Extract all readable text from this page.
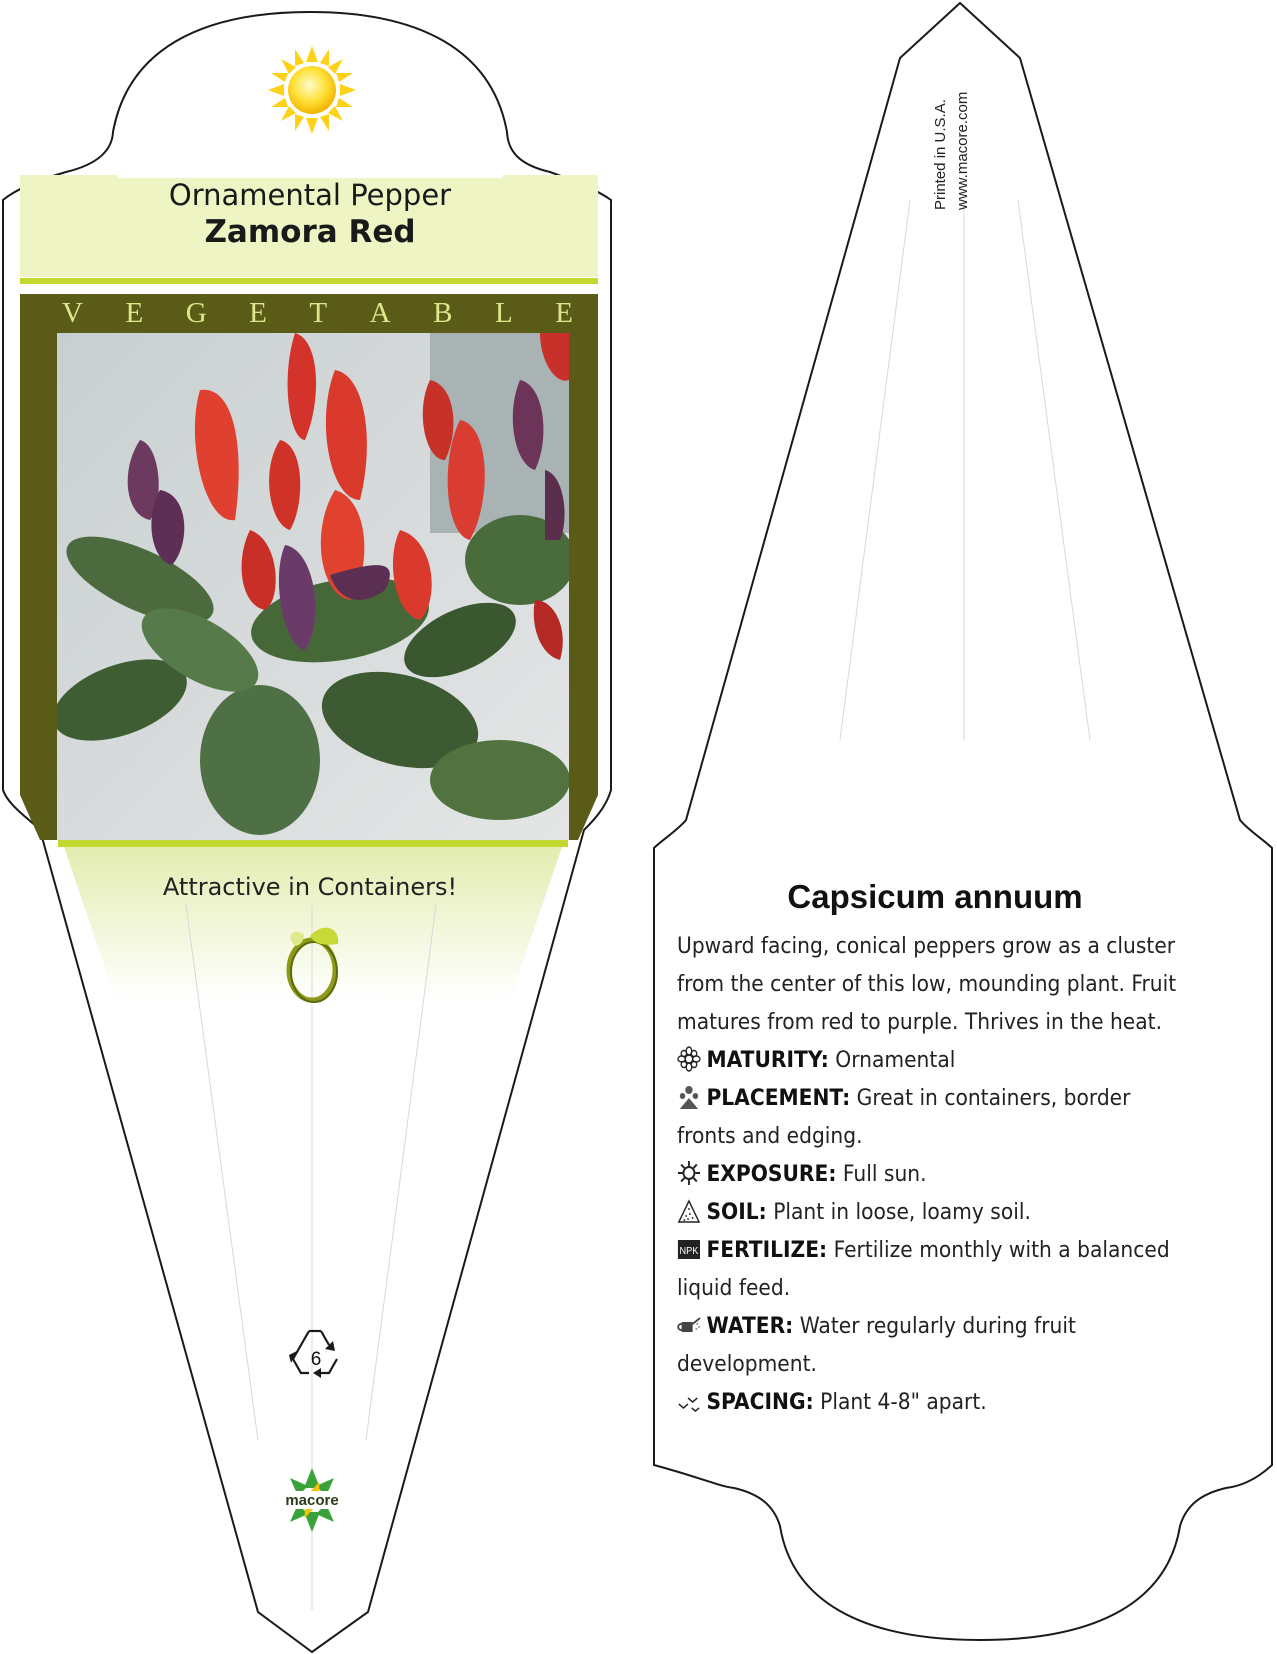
Ornamental Pepper
Zamora Red
V E G E T A B L E
Attractive in Containers!
6
macore
Printed in U.S.A. www.macore.com
Capsicum annuum

Upward facing, conical peppers grow as a cluster from the center of this low, mounding plant. Fruit matures from red to purple. Thrives in the heat.

MATURITY: Ornamental
PLACEMENT: Great in containers, border fronts and edging.
EXPOSURE: Full sun.
SOIL: Plant in loose, loamy soil.
NPK FERTILIZE: Fertilize monthly with a balanced liquid feed.
WATER: Water regularly during fruit development.
SPACING: Plant 4-8" apart.
